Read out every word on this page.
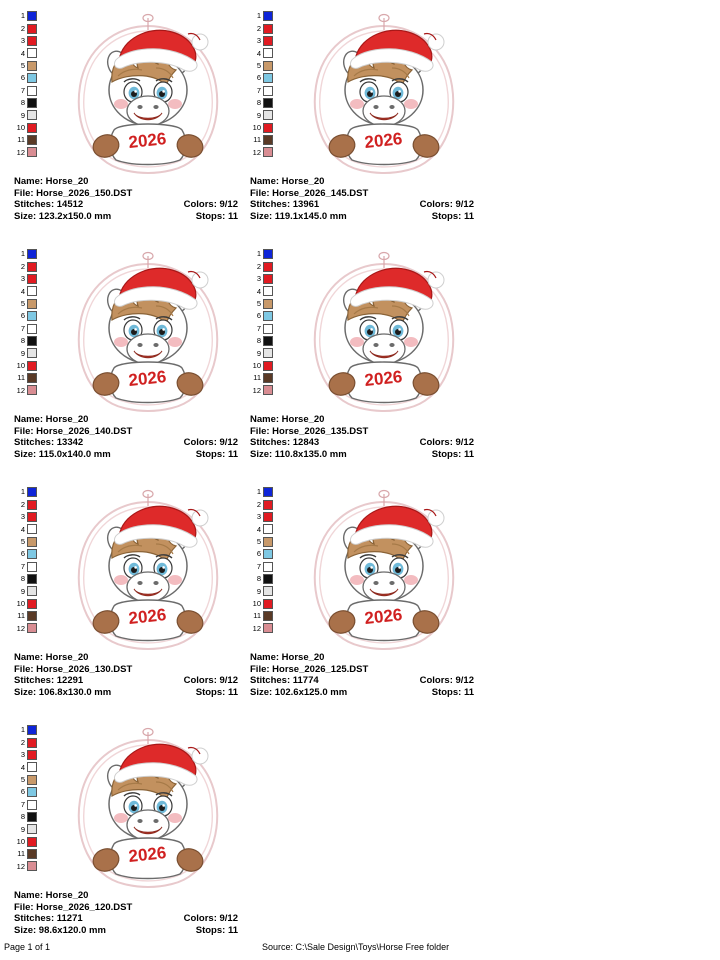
1
2
3
4
5
6
7
8
9
10
11
12
2026
Name: Horse_20
File: Horse_2026_150.DST
Stitches: 14512	Colors: 9/12
Size: 123.2x150.0 mm	Stops: 11
1
2
3
4
5
6
7
8
9
10
11
12
2026
Name: Horse_20
File: Horse_2026_145.DST
Stitches: 13961	Colors: 9/12
Size: 119.1x145.0 mm	Stops: 11
1
2
3
4
5
6
7
8
9
10
11
12
2026
Name: Horse_20
File: Horse_2026_140.DST
Stitches: 13342	Colors: 9/12
Size: 115.0x140.0 mm	Stops: 11
1
2
3
4
5
6
7
8
9
10
11
12
2026
Name: Horse_20
File: Horse_2026_135.DST
Stitches: 12843	Colors: 9/12
Size: 110.8x135.0 mm	Stops: 11
1
2
3
4
5
6
7
8
9
10
11
12
2026
Name: Horse_20
File: Horse_2026_130.DST
Stitches: 12291	Colors: 9/12
Size: 106.8x130.0 mm	Stops: 11
1
2
3
4
5
6
7
8
9
10
11
12
2026
Name: Horse_20
File: Horse_2026_125.DST
Stitches: 11774	Colors: 9/12
Size: 102.6x125.0 mm	Stops: 11
1
2
3
4
5
6
7
8
9
10
11
12
2026
Name: Horse_20
File: Horse_2026_120.DST
Stitches: 11271	Colors: 9/12
Size: 98.6x120.0 mm	Stops: 11
Page 1 of 1	Source: C:\Sale Design\Toys\Horse Free folder
